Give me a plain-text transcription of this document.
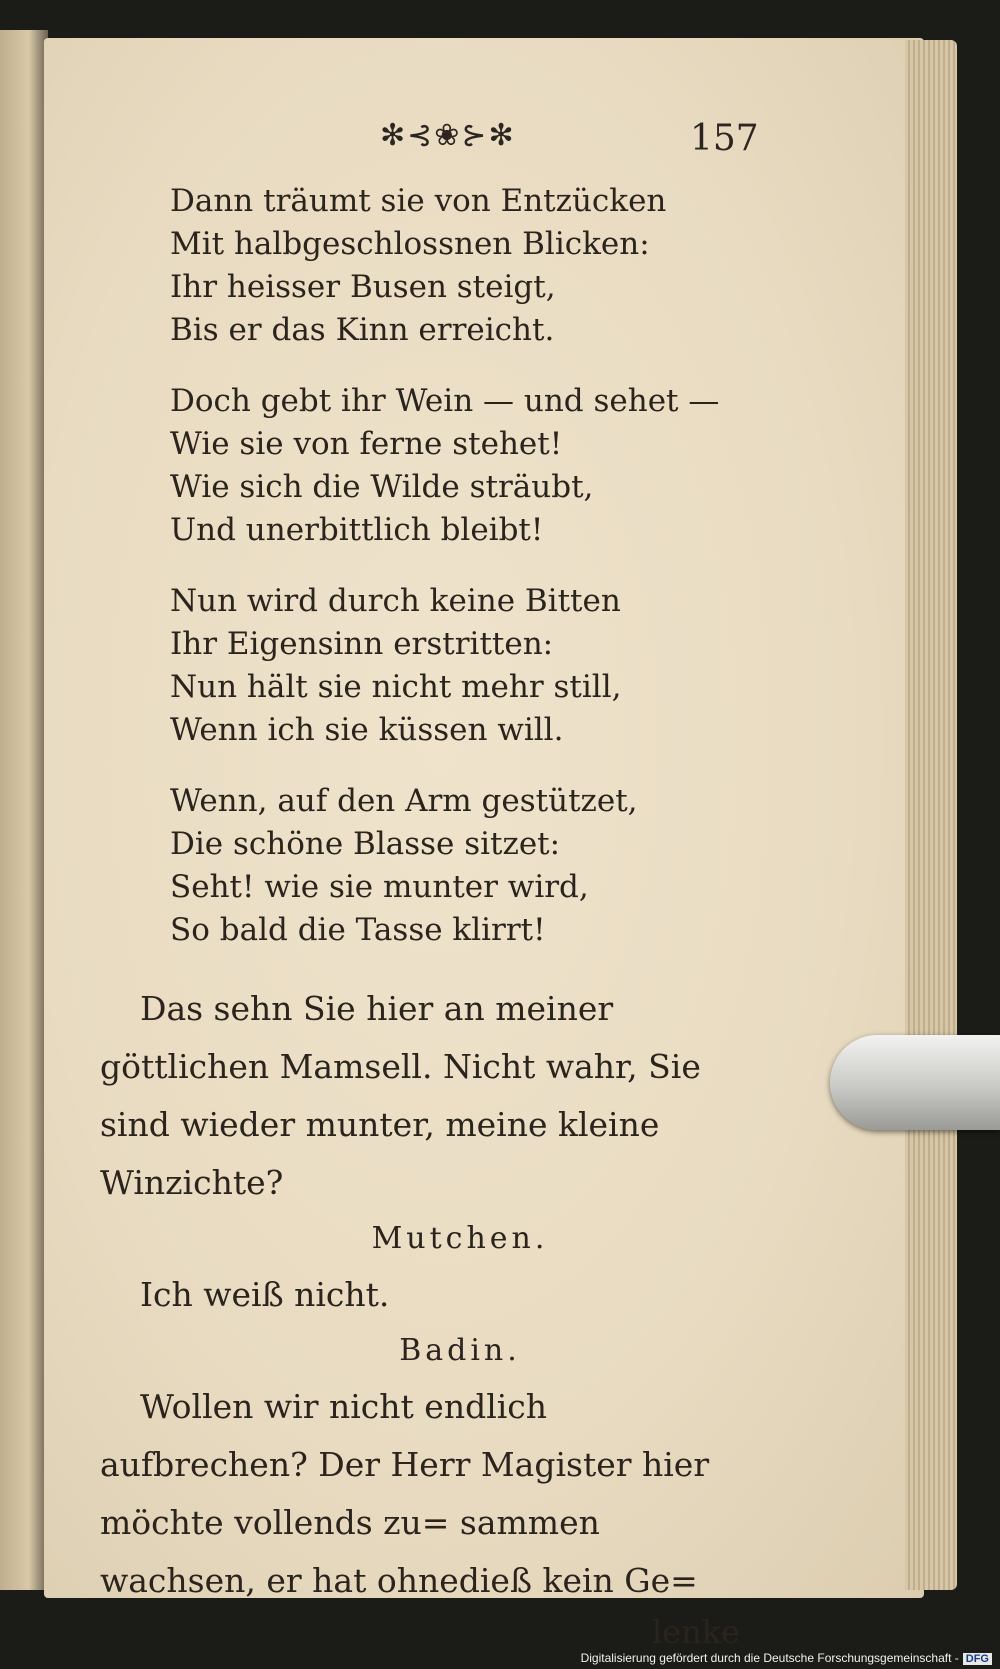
✻⊰❀⊱✻	157
Dann träumt sie von Entzücken
Mit halbgeschlossnen Blicken:
Ihr heisser Busen steigt,
Bis er das Kinn erreicht.
Doch gebt ihr Wein — und sehet —
Wie sie von ferne stehet!
Wie sich die Wilde sträubt,
Und unerbittlich bleibt!
Nun wird durch keine Bitten
Ihr Eigensinn erstritten:
Nun hält sie nicht mehr still,
Wenn ich sie küssen will.
Wenn, auf den Arm gestützet,
Die schöne Blasse sitzet:
Seht! wie sie munter wird,
So bald die Tasse klirrt!

Das sehn Sie hier an meiner göttlichen Mamsell. Nicht wahr, Sie sind wieder munter, meine kleine Winzichte?

Mutchen.

Ich weiß nicht.

Badin.

Wollen wir nicht endlich aufbrechen? Der Herr Magister hier möchte vollends zu= sammen wachsen, er hat ohnedieß kein Ge=

lenke
Digitalisierung gefördert durch die Deutsche Forschungsgemeinschaft - DFG
